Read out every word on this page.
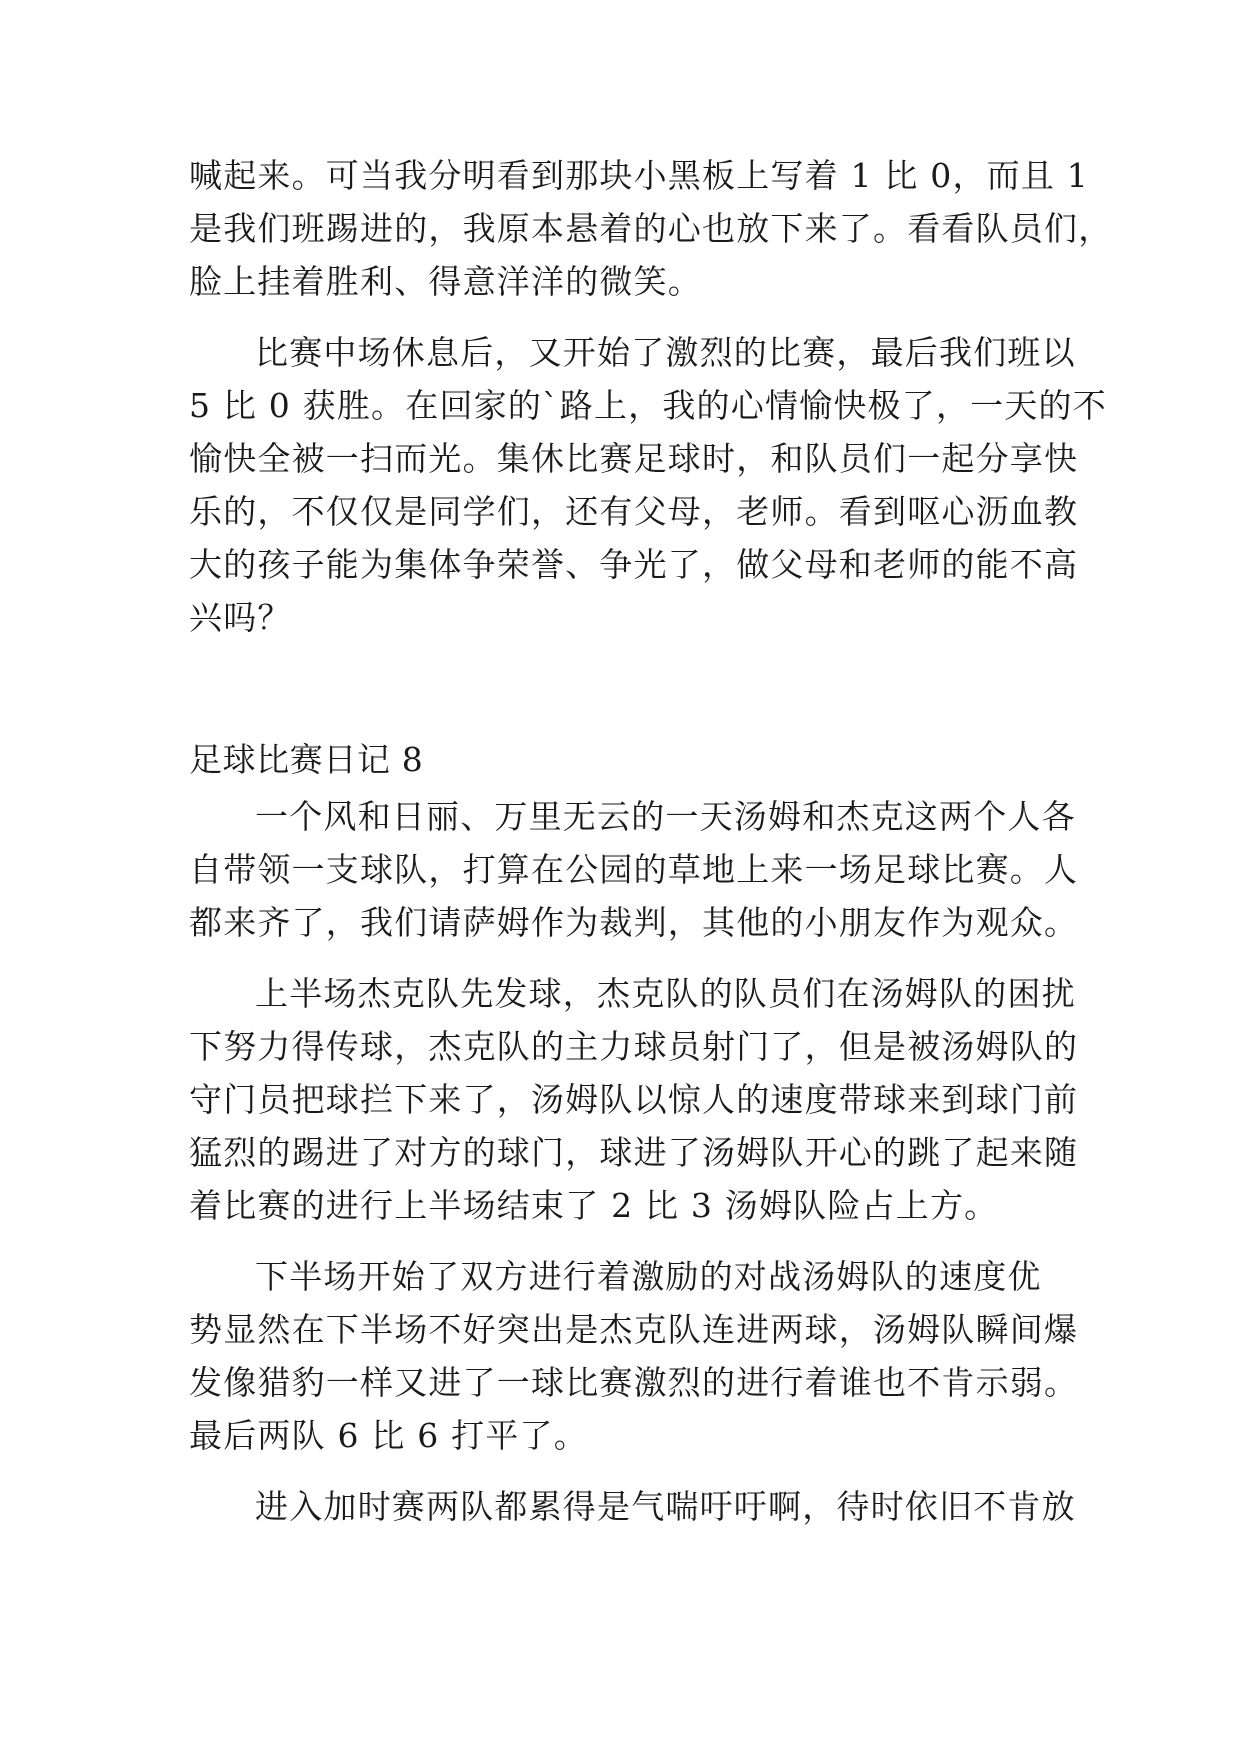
喊起来。可当我分明看到那块小黑板上写着 1 比 0，而且 1
是我们班踢进的，我原本悬着的心也放下来了。看看队员们，
脸上挂着胜利、得意洋洋的微笑。
比赛中场休息后，又开始了激烈的比赛，最后我们班以
5 比 0 获胜。在回家的`路上，我的心情愉快极了，一天的不
愉快全被一扫而光。集休比赛足球时，和队员们一起分享快
乐的，不仅仅是同学们，还有父母，老师。看到呕心沥血教
大的孩子能为集体争荣誉、争光了，做父母和老师的能不高
兴吗？
足球比赛日记 8
一个风和日丽、万里无云的一天汤姆和杰克这两个人各
自带领一支球队，打算在公园的草地上来一场足球比赛。人
都来齐了，我们请萨姆作为裁判，其他的小朋友作为观众。
上半场杰克队先发球，杰克队的队员们在汤姆队的困扰
下努力得传球，杰克队的主力球员射门了，但是被汤姆队的
守门员把球拦下来了，汤姆队以惊人的速度带球来到球门前
猛烈的踢进了对方的球门，球进了汤姆队开心的跳了起来随
着比赛的进行上半场结束了 2 比 3 汤姆队险占上方。
下半场开始了双方进行着激励的对战汤姆队的速度优
势显然在下半场不好突出是杰克队连进两球，汤姆队瞬间爆
发像猎豹一样又进了一球比赛激烈的进行着谁也不肯示弱。
最后两队 6 比 6 打平了。
进入加时赛两队都累得是气喘吁吁啊，待时依旧不肯放
